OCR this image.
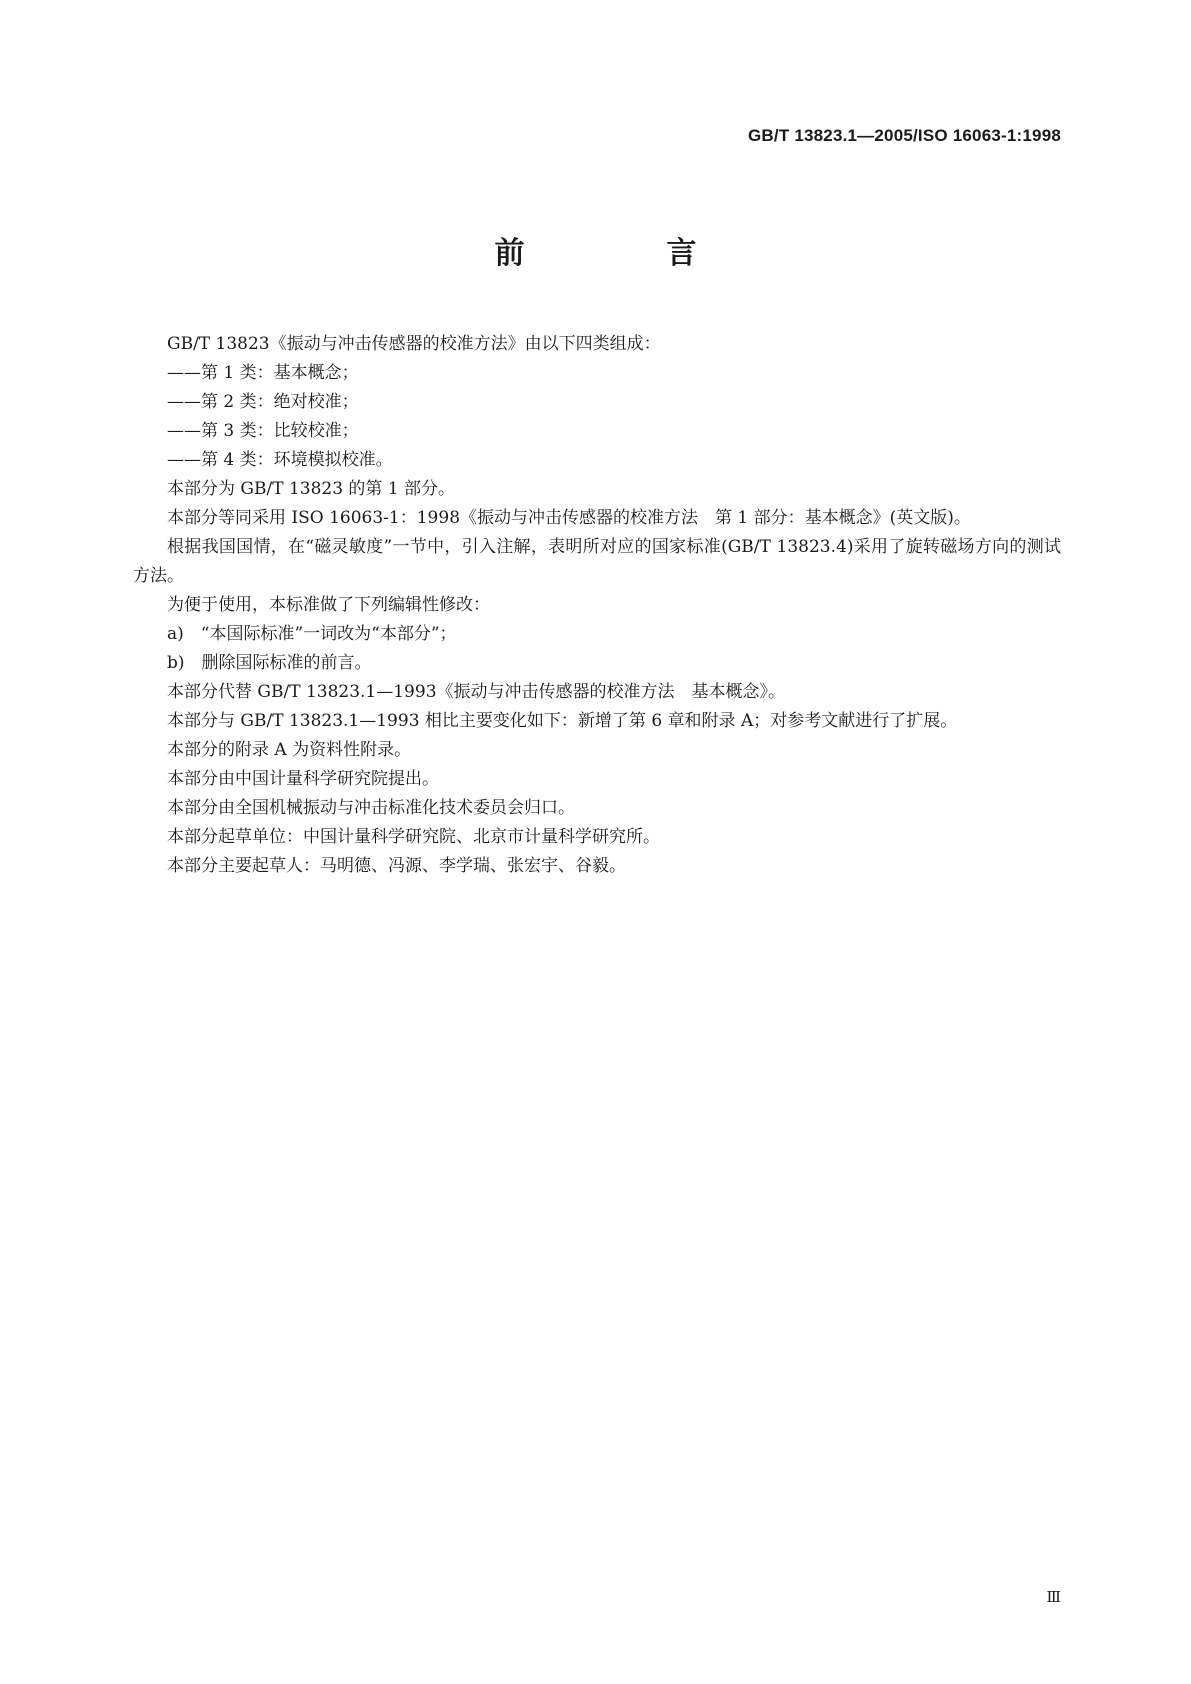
GB/T 13823.1—2005/ISO 16063-1:1998
前　言

GB/T 13823《振动与冲击传感器的校准方法》由以下四类组成：

——第 1 类：基本概念；

——第 2 类：绝对校准；

——第 3 类：比较校准；

——第 4 类：环境模拟校准。

本部分为 GB/T 13823 的第 1 部分。

本部分等同采用 ISO 16063-1：1998《振动与冲击传感器的校准方法　第 1 部分：基本概念》(英文版)。

根据我国国情，在“磁灵敏度”一节中，引入注解，表明所对应的国家标准(GB/T 13823.4)采用了旋转磁场方向的测试方法。

为便于使用，本标准做了下列编辑性修改：

a)　“本国际标准”一词改为“本部分”；

b)　删除国际标准的前言。

本部分代替 GB/T 13823.1—1993《振动与冲击传感器的校准方法　基本概念》。

本部分与 GB/T 13823.1—1993 相比主要变化如下：新增了第 6 章和附录 A；对参考文献进行了扩展。

本部分的附录 A 为资料性附录。

本部分由中国计量科学研究院提出。

本部分由全国机械振动与冲击标准化技术委员会归口。

本部分起草单位：中国计量科学研究院、北京市计量科学研究所。

本部分主要起草人：马明德、冯源、李学瑞、张宏宇、谷毅。

Ⅲ
